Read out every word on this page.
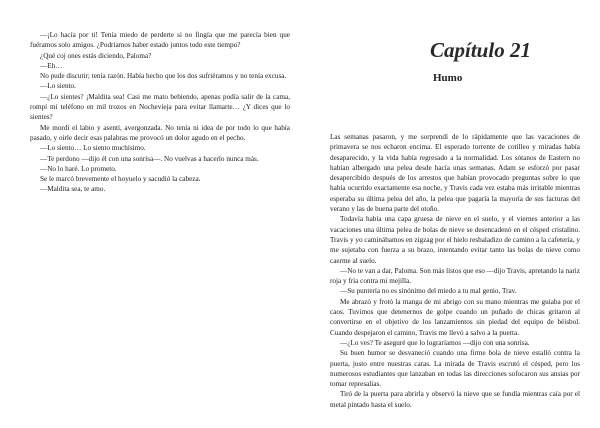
—¡Lo hacía por ti! Tenía miedo de perderte si no fingía que me parecía bien que fuéramos solo amigos. ¿Podríamos haber estado juntos todo este tiempo?

¿Qué coj ones estás diciendo, Paloma?

—Eh…

No pude discutir; tenía razón. Había hecho que los dos sufriéramos y no tenía excusa.

—Lo siento.

—¿Lo sientes? ¡Maldita sea! Casi me mato bebiendo, apenas podía salir de la cama, rompí mi teléfono en mil trozos en Nochevieja para evitar llamarte… ¿Y dices que lo sientes?

Me mordí el labio y asentí, avergonzada. No tenía ni idea de por todo lo que había pasado, y oírle decir esas palabras me provocó un dolor agudo en el pecho.

—Lo siento… Lo siento muchísimo.

—Te perdono —dijo él con una sonrisa—. No vuelvas a hacerlo nunca más.

—No lo haré. Lo prometo.

Se le marcó brevemente el hoyuelo y sacudió la cabeza.

—Maldita sea, te amo.

Capítulo 21
Humo

Las semanas pasaron, y me sorprendí de lo rápidamente que las vacaciones de primavera se nos echaron encima. El esperado torrente de cotilleo y miradas había desaparecido, y la vida había regresado a la normalidad. Los sótanos de Eastern no habían albergado una pelea desde hacía unas semanas. Adam se esforzó por pasar desapercibido después de los arrestos que habían provocado preguntas sobre lo que había ocurrido exactamente esa noche, y Travis cada vez estaba más irritable mientras esperaba su última pelea del año, la pelea que pagaría la mayoría de sus facturas del verano y las de buena parte del otoño.

Todavía había una capa gruesa de nieve en el suelo, y el viernes anterior a las vacaciones una última pelea de bolas de nieve se desencadenó en el césped cristalino. Travis y yo caminábamos en zigzag por el hielo resbaladizo de camino a la cafetería, y me sujetaba con fuerza a su brazo, intentando evitar tanto las bolas de nieve como caerme al suelo.

—No te van a dar, Paloma. Son más listos que eso —dijo Travis, apretando la nariz roja y fría contra mi mejilla.

—Su puntería no es sinónimo del miedo a tu mal genio, Trav.

Me abrazó y frotó la manga de mi abrigo con su mano mientras me guiaba por el caos. Tuvimos que detenernos de golpe cuando un puñado de chicas gritaron al convertirse en el objetivo de los lanzamientos sin piedad del equipo de béisbol. Cuando despejaron el camino, Travis me llevó a salvo a la puerta.

—¿Lo ves? Te aseguré que lo lograríamos —dijo con una sonrisa.

Su buen humor se desvaneció cuando una firme bola de nieve estalló contra la puerta, justo entre nuestras caras. La mirada de Travis escrutó el césped, pero los numerosos estudiantes que lanzaban en todas las direcciones sofocaron sus ansias por tomar represalias.

Tiró de la puerta para abrirla y observó la nieve que se fundía mientras caía por el metal pintado hasta el suelo.
